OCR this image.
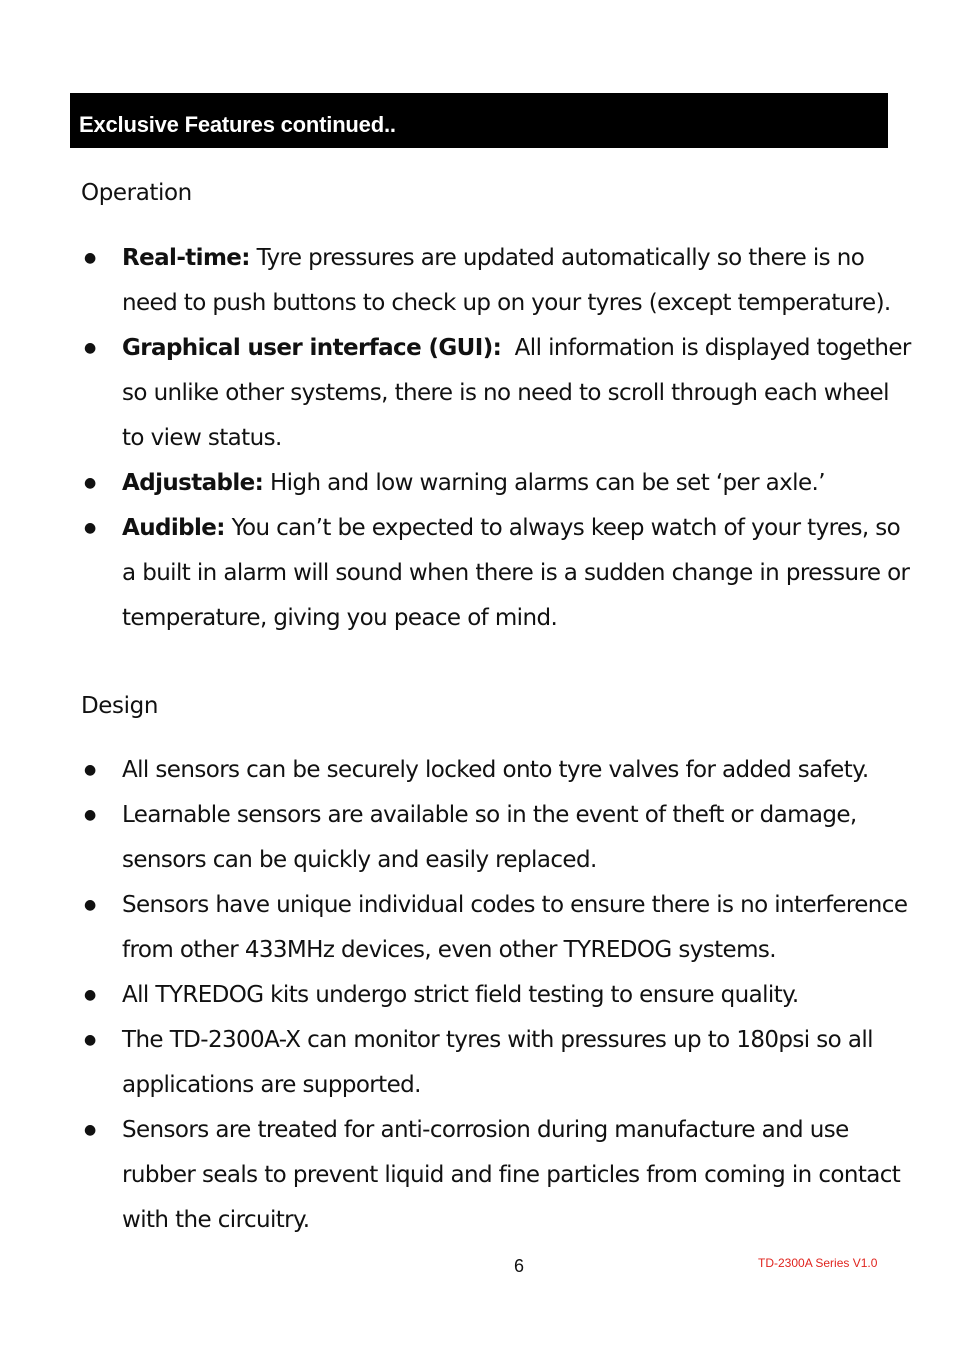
Exclusive Features continued..
Operation
● Real-time: Tyre pressures are updated automatically so there is no need to push buttons to check up on your tyres (except temperature).
● Graphical user interface (GUI):  All information is displayed together so unlike other systems, there is no need to scroll through each wheel to view status.
● Adjustable: High and low warning alarms can be set ‘per axle.’
● Audible: You can’t be expected to always keep watch of your tyres, so a built in alarm will sound when there is a sudden change in pressure or temperature, giving you peace of mind.
Design
● All sensors can be securely locked onto tyre valves for added safety.
● Learnable sensors are available so in the event of theft or damage, sensors can be quickly and easily replaced.
● Sensors have unique individual codes to ensure there is no interference from other 433MHz devices, even other TYREDOG systems.
● All TYREDOG kits undergo strict field testing to ensure quality.
● The TD-2300A-X can monitor tyres with pressures up to 180psi so all applications are supported.
● Sensors are treated for anti-corrosion during manufacture and use rubber seals to prevent liquid and fine particles from coming in contact with the circuitry.
6	TD-2300A Series V1.0
